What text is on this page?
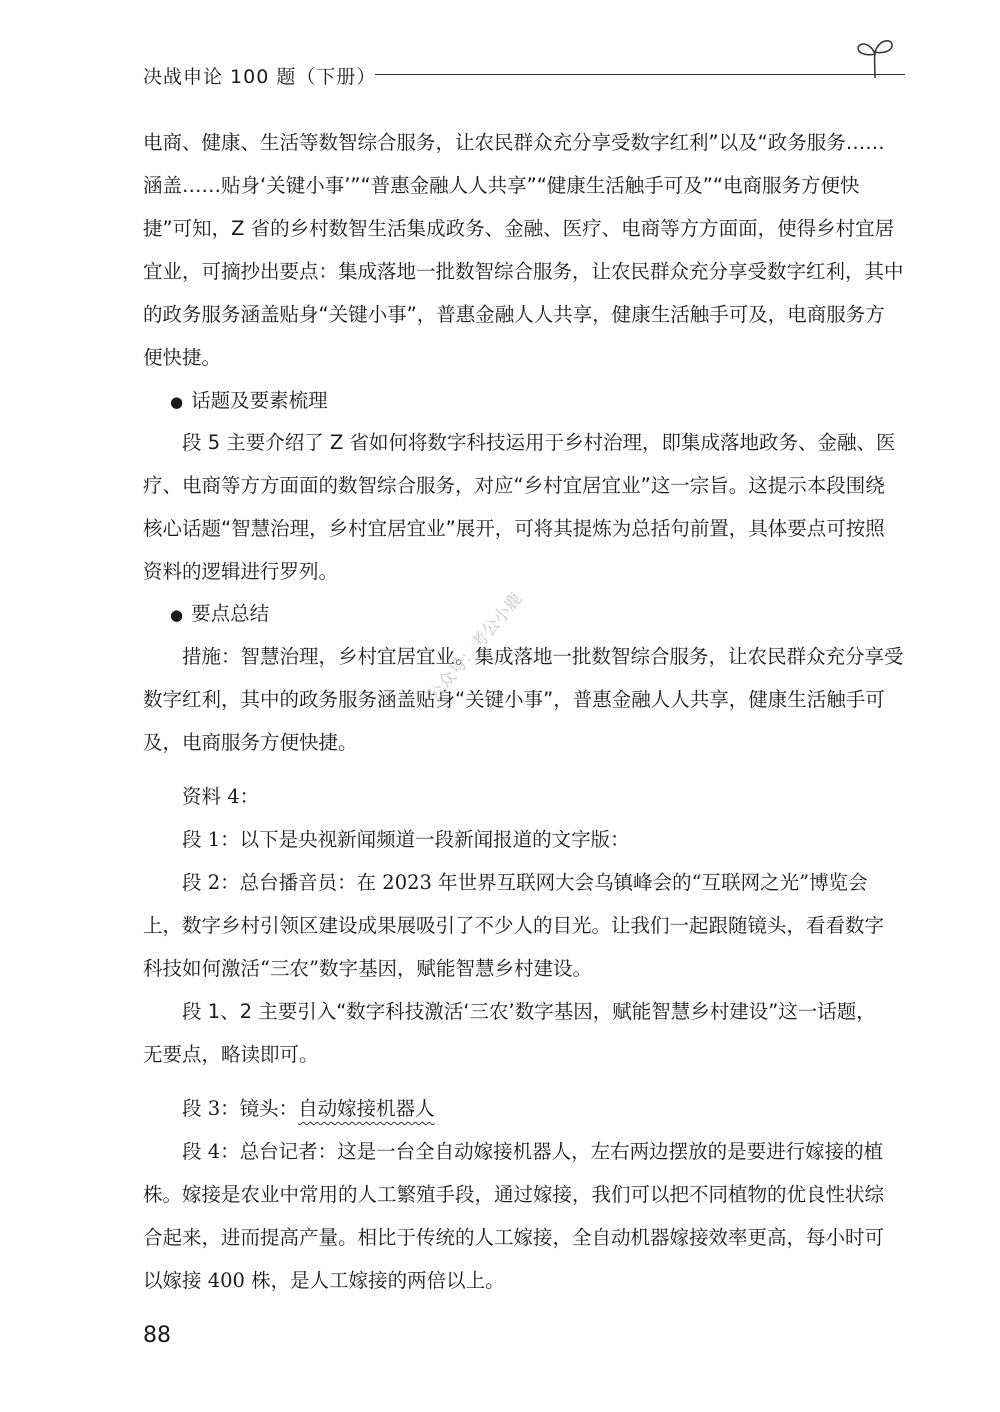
决战申论 100 题（下册）

电商、健康、生活等数智综合服务，让农民群众充分享受数字红利”以及“政务服务……

涵盖……贴身‘关键小事’”“普惠金融人人共享”“健康生活触手可及”“电商服务方便快

捷”可知，Z 省的乡村数智生活集成政务、金融、医疗、电商等方方面面，使得乡村宜居

宜业，可摘抄出要点：集成落地一批数智综合服务，让农民群众充分享受数字红利，其中

的政务服务涵盖贴身“关键小事”，普惠金融人人共享，健康生活触手可及，电商服务方

便快捷。

● 话题及要素梳理

段 5 主要介绍了 Z 省如何将数字科技运用于乡村治理，即集成落地政务、金融、医

疗、电商等方方面面的数智综合服务，对应“乡村宜居宜业”这一宗旨。这提示本段围绕

核心话题“智慧治理，乡村宜居宜业”展开，可将其提炼为总括句前置，具体要点可按照

资料的逻辑进行罗列。

● 要点总结

措施：智慧治理，乡村宜居宜业。集成落地一批数智综合服务，让农民群众充分享受

数字红利，其中的政务服务涵盖贴身“关键小事”，普惠金融人人共享，健康生活触手可

及，电商服务方便快捷。

资料 4：

段 1：以下是央视新闻频道一段新闻报道的文字版：

段 2：总台播音员：在 2023 年世界互联网大会乌镇峰会的“互联网之光”博览会

上，数字乡村引领区建设成果展吸引了不少人的目光。让我们一起跟随镜头，看看数字

科技如何激活“三农”数字基因，赋能智慧乡村建设。

段 1、2 主要引入“数字科技激活‘三农’数字基因，赋能智慧乡村建设”这一话题，

无要点，略读即可。

段 3：镜头：自动嫁接机器人

段 4：总台记者：这是一台全自动嫁接机器人，左右两边摆放的是要进行嫁接的植

株。嫁接是农业中常用的人工繁殖手段，通过嫁接，我们可以把不同植物的优良性状综

合起来，进而提高产量。相比于传统的人工嫁接，全自动机器嫁接效率更高，每小时可

以嫁接 400 株，是人工嫁接的两倍以上。

公众号：考公小鹿
88
